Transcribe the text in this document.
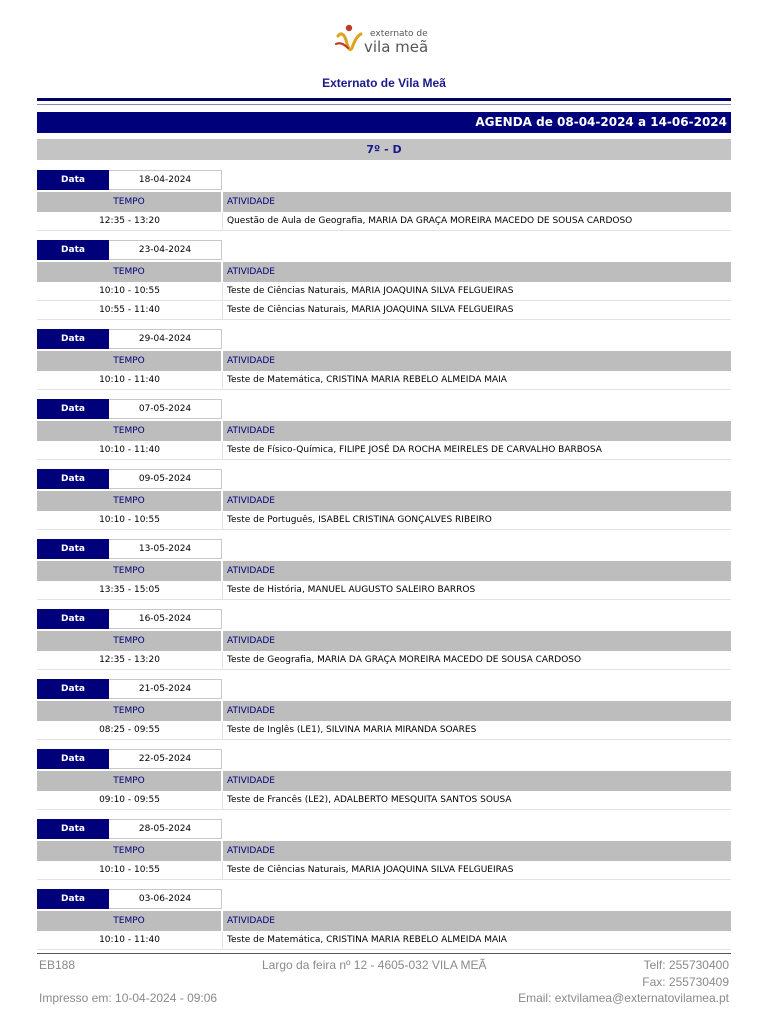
externato de
vila meã
Externato de Vila Meã
AGENDA de 08-04-2024 a 14-06-2024
7º - D
Data	18-04-2024
TEMPO	ATIVIDADE
12:35 - 13:20	Questão de Aula de Geografia, MARIA DA GRAÇA MOREIRA MACEDO DE SOUSA CARDOSO
Data	23-04-2024
TEMPO	ATIVIDADE
10:10 - 10:55	Teste de Ciências Naturais, MARIA JOAQUINA SILVA FELGUEIRAS
10:55 - 11:40	Teste de Ciências Naturais, MARIA JOAQUINA SILVA FELGUEIRAS
Data	29-04-2024
TEMPO	ATIVIDADE
10:10 - 11:40	Teste de Matemática, CRISTINA MARIA REBELO ALMEIDA MAIA
Data	07-05-2024
TEMPO	ATIVIDADE
10:10 - 11:40	Teste de Físico-Química, FILIPE JOSÉ DA ROCHA MEIRELES DE CARVALHO BARBOSA
Data	09-05-2024
TEMPO	ATIVIDADE
10:10 - 10:55	Teste de Português, ISABEL CRISTINA GONÇALVES RIBEIRO
Data	13-05-2024
TEMPO	ATIVIDADE
13:35 - 15:05	Teste de História, MANUEL AUGUSTO SALEIRO BARROS
Data	16-05-2024
TEMPO	ATIVIDADE
12:35 - 13:20	Teste de Geografia, MARIA DA GRAÇA MOREIRA MACEDO DE SOUSA CARDOSO
Data	21-05-2024
TEMPO	ATIVIDADE
08:25 - 09:55	Teste de Inglês (LE1), SILVINA MARIA MIRANDA SOARES
Data	22-05-2024
TEMPO	ATIVIDADE
09:10 - 09:55	Teste de Francês (LE2), ADALBERTO MESQUITA SANTOS SOUSA
Data	28-05-2024
TEMPO	ATIVIDADE
10:10 - 10:55	Teste de Ciências Naturais, MARIA JOAQUINA SILVA FELGUEIRAS
Data	03-06-2024
TEMPO	ATIVIDADE
10:10 - 11:40	Teste de Matemática, CRISTINA MARIA REBELO ALMEIDA MAIA
EB188	Largo da feira nº 12 - 4605-032 VILA MEÃ	Telf: 255730400
Fax: 255730409
Impresso em: 10-04-2024 - 09:06	Email: extvilamea@externatovilamea.pt
